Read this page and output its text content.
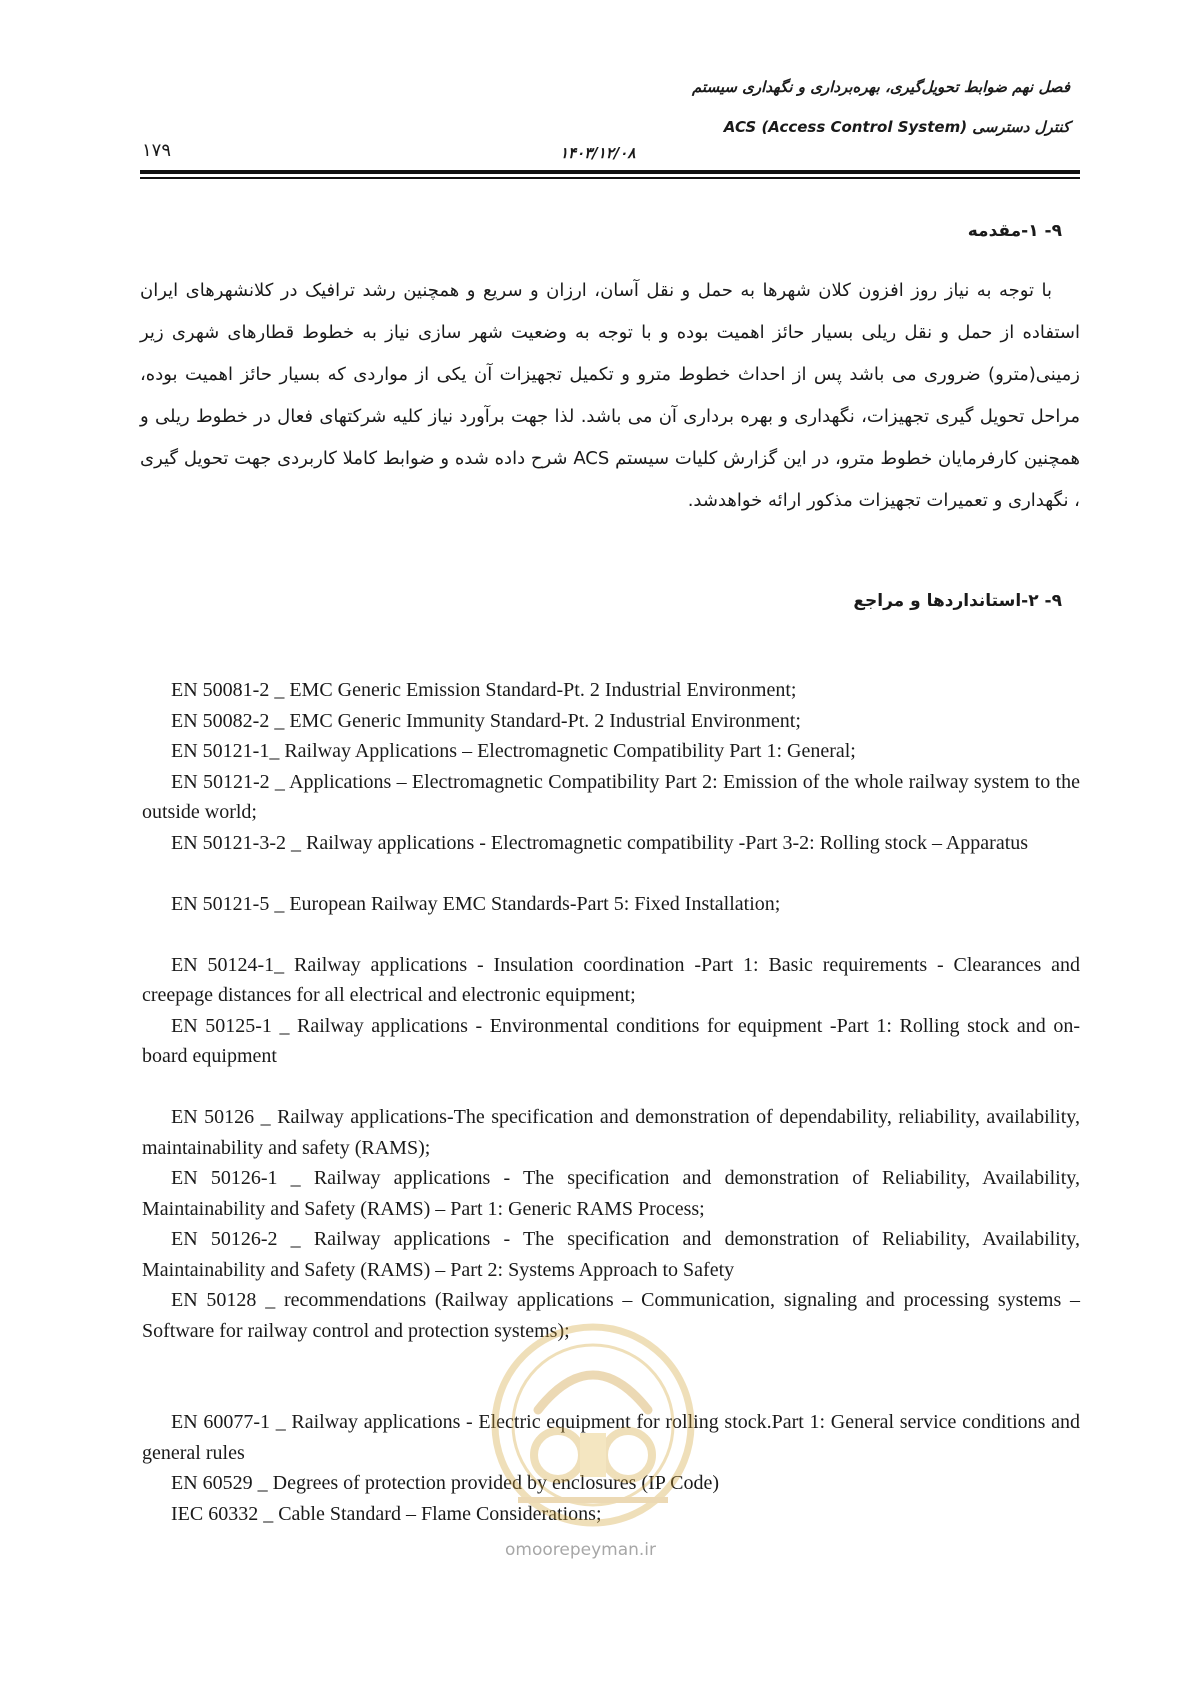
فصل نهم ضوابط تحویل‌گیری، بهره‌برداری و نگهداری سیستم
کنترل دسترسی ACS (Access Control System)
۱۴۰۳/۱۲/۰۸
۱۷۹
۹- ۱-مقدمه

با توجه به نیاز روز افزون کلان شهرها به حمل و نقل آسان، ارزان و سریع و همچنین رشد ترافیک در کلانشهرهای ایران استفاده از حمل و نقل ریلی بسیار حائز اهمیت بوده و با توجه به وضعیت شهر سازی نیاز به خطوط قطارهای شهری زیر زمینی(مترو) ضروری می باشد پس از احداث خطوط مترو و تکمیل تجهیزات آن یکی از مواردی که بسیار حائز اهمیت بوده، مراحل تحویل گیری تجهیزات، نگهداری و بهره برداری آن می باشد. لذا جهت برآورد نیاز کلیه شرکتهای فعال در خطوط ریلی و همچنین کارفرمایان خطوط مترو، در این گزارش کلیات سیستم ACS شرح داده شده و ضوابط کاملا کاربردی جهت تحویل گیری ، نگهداری و تعمیرات تجهیزات مذکور ارائه خواهدشد.

۹- ۲-استانداردها و مراجع

EN 50081-2 _ EMC Generic Emission Standard-Pt. 2 Industrial Environment;

EN 50082-2 _ EMC Generic Immunity Standard-Pt. 2 Industrial Environment;

EN 50121-1_ Railway Applications – Electromagnetic Compatibility Part 1: General;

EN 50121-2 _ Applications – Electromagnetic Compatibility Part 2: Emission of the whole railway system to the outside world;

EN 50121-3-2 _ Railway applications - Electromagnetic compatibility -Part 3-2: Rolling stock – Apparatus

EN 50121-5 _ European Railway EMC Standards-Part 5: Fixed Installation;

EN 50124-1_ Railway applications - Insulation coordination -Part 1: Basic requirements - Clearances and creepage distances for all electrical and electronic equipment;

EN 50125-1 _ Railway applications - Environmental conditions for equipment -Part 1: Rolling stock and on-board equipment

EN 50126 _ Railway applications-The specification and demonstration of dependability, reliability, availability, maintainability and safety (RAMS);

EN 50126-1 _ Railway applications - The specification and demonstration of Reliability, Availability, Maintainability and Safety (RAMS) – Part 1: Generic RAMS Process;

EN 50126-2 _ Railway applications - The specification and demonstration of Reliability, Availability, Maintainability and Safety (RAMS) – Part 2: Systems Approach to Safety

EN 50128 _ recommendations (Railway applications – Communication, signaling and processing systems – Software for railway control and protection systems);

EN 60077-1 _ Railway applications - Electric equipment for rolling stock.Part 1: General service conditions and general rules

EN 60529 _ Degrees of protection provided by enclosures (IP Code)

IEC 60332 _ Cable Standard – Flame Considerations;

omoorepeyman.ir
